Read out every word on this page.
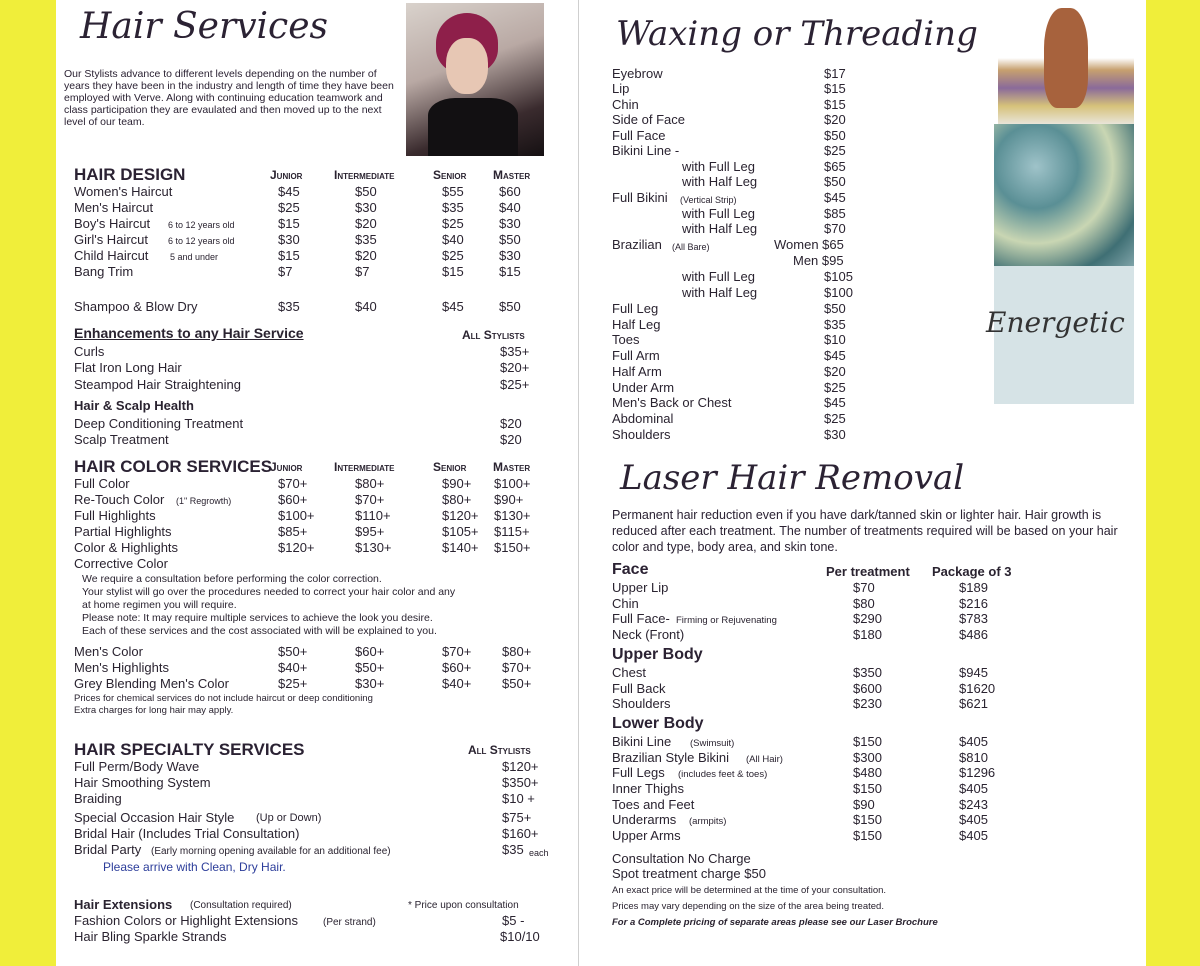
Hair Services
Our Stylists advance to different levels depending on the number of years they have been in the industry and length of time they have been employed with Verve. Along with continuing education teamwork and class participation they are evaulated and then moved up to the next level of our team.
HAIR DESIGN	Junior	Intermediate	Senior Master
Women's Haircut	$45	$50	$55	$60
Men's Haircut	$25	$30	$35	$40
Boy's Haircut 6 to 12 years old	$15	$20	$25	$30
Girl's Haircut 6 to 12 years old	$30	$35	$40	$50
Child Haircut 5 and under	$15	$20	$25	$30
Bang Trim	$7	$7	$15	$15
Shampoo & Blow Dry	$35	$40	$45	$50
Enhancements to any Hair Service	All Stylists
Curls	$35+
Flat Iron Long Hair	$20+
Steampod Hair Straightening	$25+
Hair & Scalp Health
Deep Conditioning Treatment	$20
Scalp Treatment	$20
HAIR COLOR SERVICES
Junior	Intermediate	Senior Master
Full Color	$70+	$80+	$90+ $100+
Re-Touch Color (1" Regrowth)	$60+	$70+	$80+ $90+
Full Highlights	$100+	$110+	$120+ $130+
Partial Highlights	$85+	$95+	$105+ $115+
Color & Highlights	$120+	$130+	$140+ $150+
Corrective Color
We require a consultation before performing the color correction.
Your stylist will go over the procedures needed to correct your hair color and any
at home regimen you will require.
Please note: It may require multiple services to achieve the look you desire.
Each of these services and the cost associated with will be explained to you.
Men's Color	$50+	$60+	$70+ $80+
Men's Highlights	$40+	$50+	$60+ $70+
Grey Blending Men's Color	$25+	$30+	$40+ $50+
Prices for chemical services do not include haircut or deep conditioning
Extra charges for long hair may apply.
HAIR SPECIALTY SERVICES	All Stylists
Full Perm/Body Wave	$120+
Hair Smoothing System	$350+
Braiding	$10 +
Special Occasion Hair Style (Up or Down)	$75+
Bridal Hair (Includes Trial Consultation)	$160+
Bridal Party (Early morning opening available for an additional fee)	$35 each
Please arrive with Clean, Dry Hair.
Hair Extensions (Consultation required)	* Price upon consultation
Fashion Colors or Highlight Extensions	(Per strand)	$5 -
Hair Bling Sparkle Strands	$10/10
Waxing or Threading
Energetic
Eyebrow	$17
Lip	$15
Chin	$15
Side of Face	$20
Full Face	$50
Bikini Line -	$25
with Full Leg	$65
with Half Leg	$50
Full Bikini (Vertical Strip)	$45
with Full Leg	$85
with Half Leg	$70
Brazilian (All Bare)	Women $65
Men $95
with Full Leg	$105
with Half Leg	$100
Full Leg	$50
Half Leg	$35
Toes	$10
Full Arm	$45
Half Arm	$20
Under Arm	$25
Men's Back or Chest	$45
Abdominal	$25
Shoulders	$30
Laser Hair Removal
Permanent hair reduction even if you have dark/tanned skin or lighter hair. Hair growth is reduced after each treatment. The number of treatments required will be based on your hair color and type, body area, and skin tone.
Per treatment Package of 3
Face
Upper Lip	$70	$189
Chin	$80	$216
Full Face- Firming or Rejuvenating	$290	$783
Neck (Front)	$180	$486
Upper Body
Chest	$350	$945
Full Back	$600	$1620
Shoulders	$230	$621
Lower Body
Bikini Line (Swimsuit)	$150	$405
Brazilian Style Bikini (All Hair)	$300	$810
Full Legs (includes feet & toes)	$480	$1296
Inner Thighs	$150	$405
Toes and Feet	$90	$243
Underarms (armpits)	$150	$405
Upper Arms	$150	$405
Consultation No Charge
Spot treatment charge $50
An exact price will be determined at the time of your consultation.
Prices may vary depending on the size of the area being treated.
For a Complete pricing of separate areas please see our Laser Brochure
